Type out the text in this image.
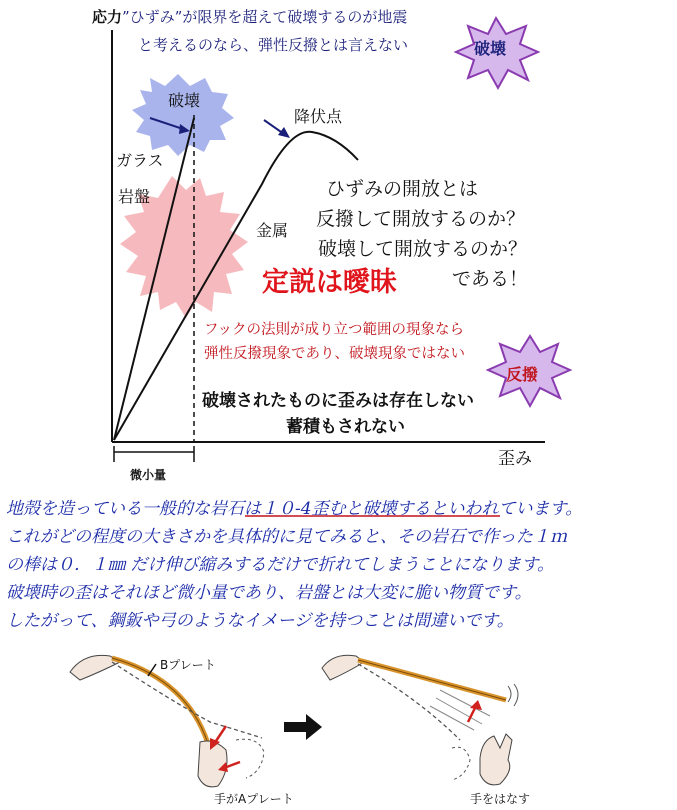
応力”ひずみ”が限界を超えて破壊するのが地震
と考えるのなら、弾性反撥とは言えない	破壊
破壊
降伏点
ガラス
岩盤
金属
ひずみの開放とは
反撥して開放するのか？
破壊して開放するのか？
定説は曖昧	である！
フックの法則が成り立つ範囲の現象なら
弾性反撥現象であり、破壊現象ではない
反撥
破壊されたものに歪みは存在しない
蓄積もされない
歪み
微小量
地殻を造っている一般的な岩石は１０-4歪むと破壊するといわれています。
これがどの程度の大きさかを具体的に見てみると、その岩石で作った１ｍ
の棒は０．１㎜ だけ伸び縮みするだけで折れてしまうことになります。
破壊時の歪はそれほど微小量であり、岩盤とは大変に脆い物質です。
したがって、鋼鈑や弓のようなイメージを持つことは間違いです。
Bプレート
手がAプレート	手をはなす
